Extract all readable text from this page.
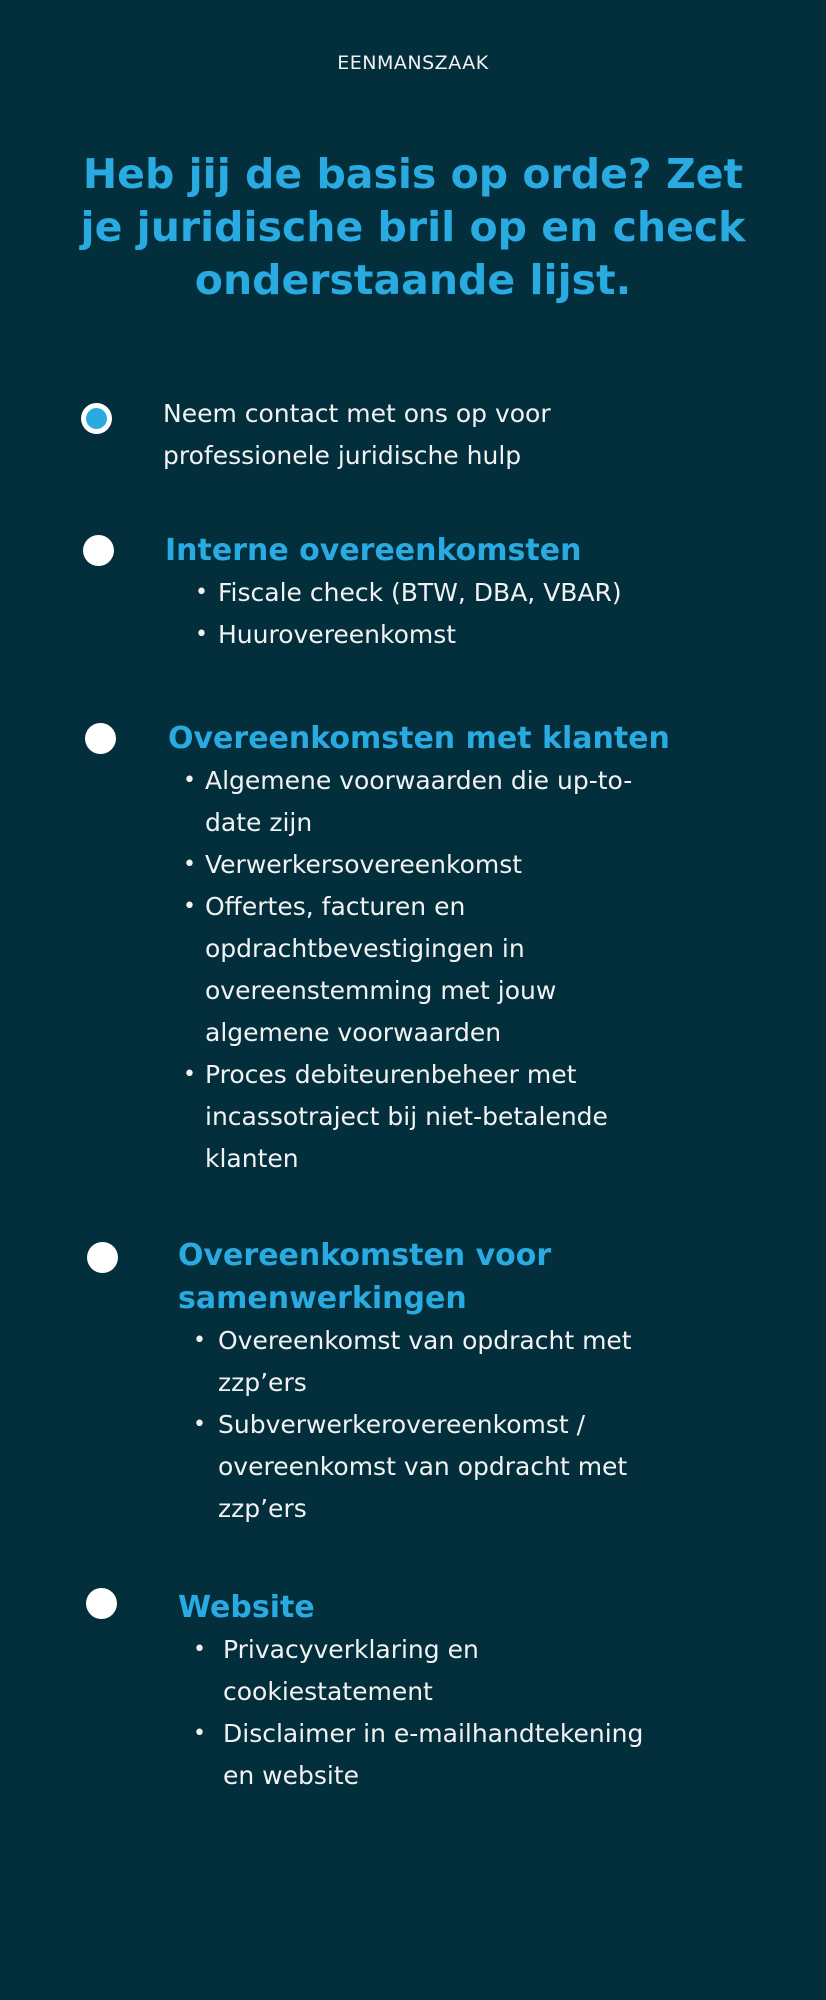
EENMANSZAAK
Heb jij de basis op orde? Zet
je juridische bril op en check
onderstaande lijst.
Neem contact met ons op voor professionele juridische hulp
Interne overeenkomsten
• Fiscale check (BTW, DBA, VBAR)
• Huurovereenkomst
Overeenkomsten met klanten
• Algemene voorwaarden die up-to-date zijn
• Verwerkersovereenkomst
• Offertes, facturen en opdrachtbevestigingen in overeenstemming met jouw algemene voorwaarden
• Proces debiteurenbeheer met incassotraject bij niet-betalende klanten
Overeenkomsten voor samenwerkingen
• Overeenkomst van opdracht met zzp’ers
• Subverwerkerovereenkomst / overeenkomst van opdracht met zzp’ers
Website
• Privacyverklaring en cookiestatement
• Disclaimer in e-mailhandtekening en website
